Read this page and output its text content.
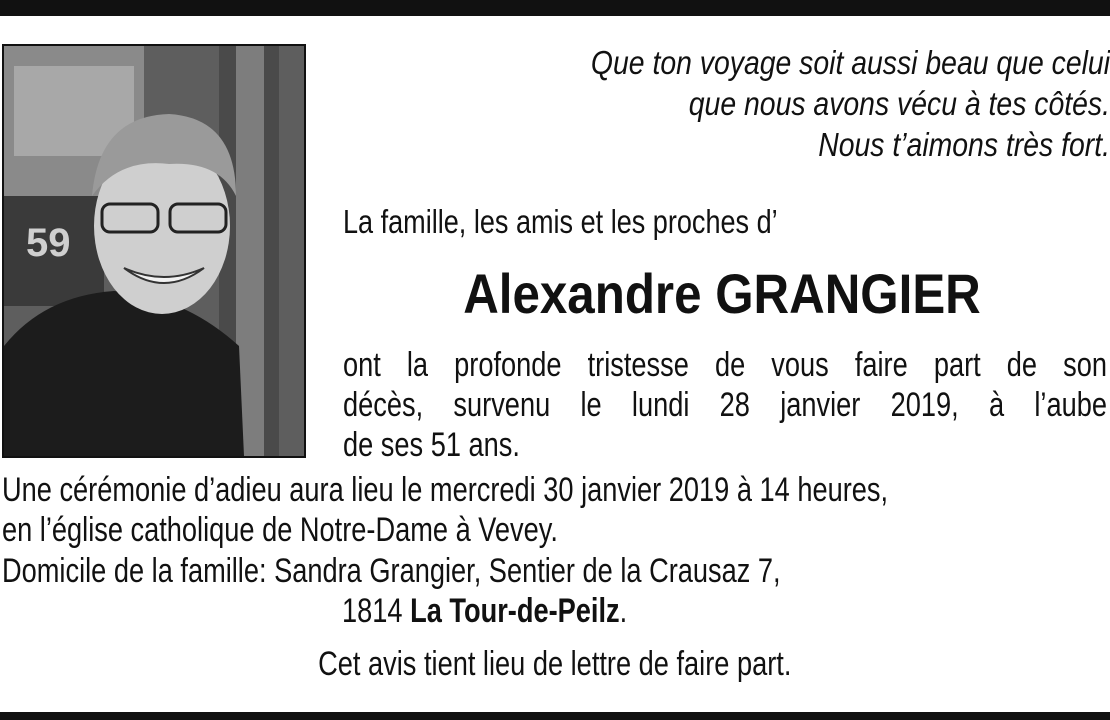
59
Que ton voyage soit aussi beau que celui
que nous avons vécu à tes côtés.
Nous t’aimons très fort.
La famille, les amis et les proches d’
Alexandre GRANGIER
ont la profonde tristesse de vous faire part de son
décès, survenu le lundi 28 janvier 2019, à l’aube
de ses 51 ans.
Une cérémonie d’adieu aura lieu le mercredi 30 janvier 2019 à 14 heures,
en l’église catholique de Notre-Dame à Vevey.
Domicile de la famille: Sandra Grangier, Sentier de la Crausaz 7,
1814 La Tour-de-Peilz.
Cet avis tient lieu de lettre de faire part.
